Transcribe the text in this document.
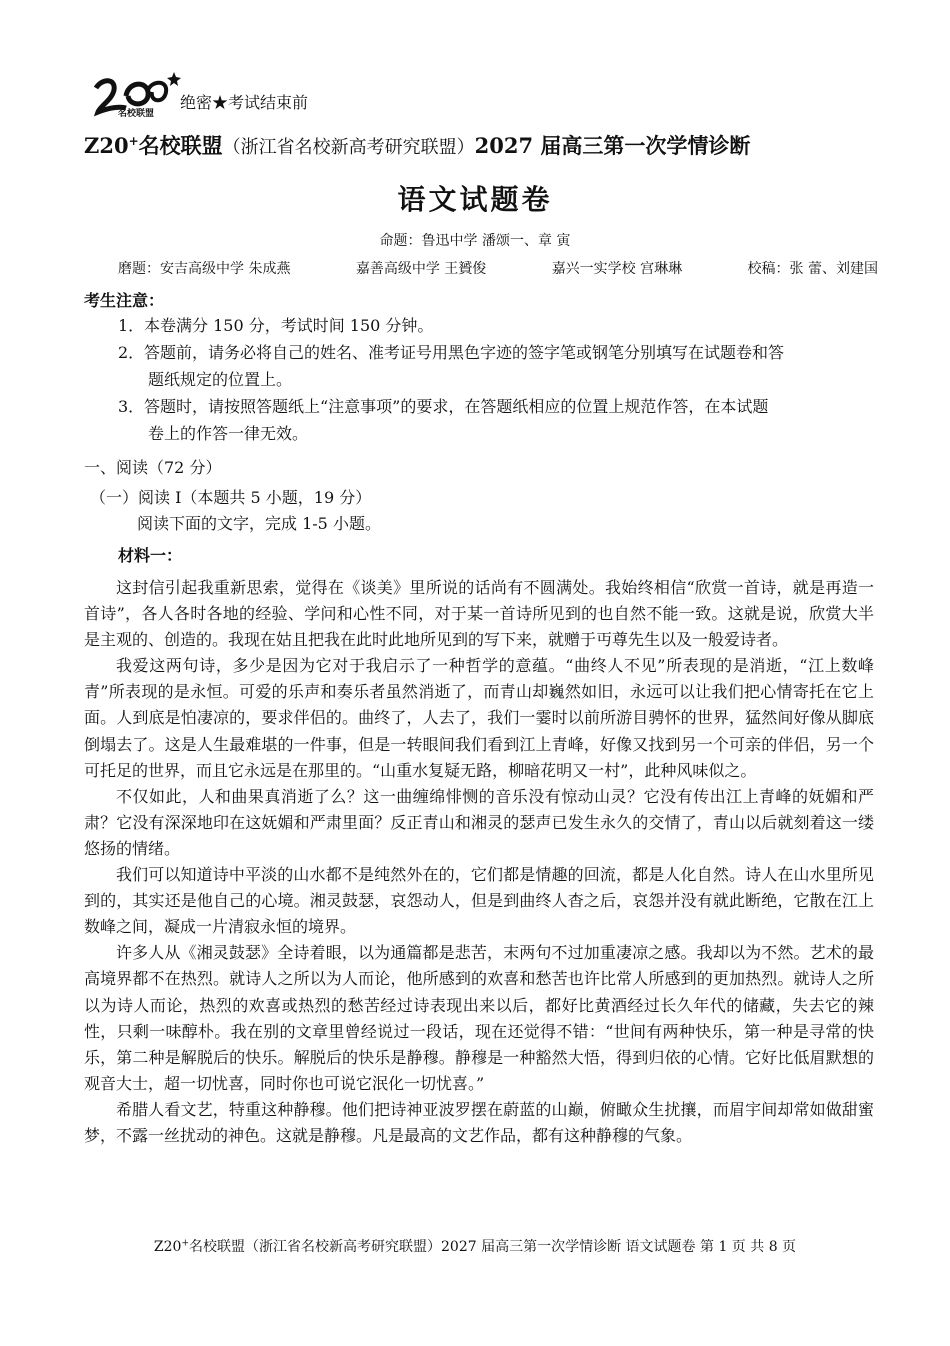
名校联盟
绝密★考试结束前
Z20+名校联盟（浙江省名校新高考研究联盟）2027 届高三第一次学情诊断
语文试题卷
命题：鲁迅中学 潘颂一、章 寅
磨题：安吉高级中学 朱成燕	嘉善高级中学 王贇俊	嘉兴一实学校 宫琳琳	校稿：张 蕾、刘建国
考生注意：
1．本卷满分 150 分，考试时间 150 分钟。
2．答题前，请务必将自己的姓名、准考证号用黑色字迹的签字笔或钢笔分别填写在试题卷和答
题纸规定的位置上。
3．答题时，请按照答题纸上“注意事项”的要求，在答题纸相应的位置上规范作答，在本试题
卷上的作答一律无效。
一、阅读（72 分）
（一）阅读 I（本题共 5 小题，19 分）
阅读下面的文字，完成 1-5 小题。
材料一：

这封信引起我重新思索，觉得在《谈美》里所说的话尚有不圆满处。我始终相信“欣赏一首诗，就是再造一首诗”，各人各时各地的经验、学问和心性不同，对于某一首诗所见到的也自然不能一致。这就是说，欣赏大半是主观的、创造的。我现在姑且把我在此时此地所见到的写下来，就赠于丏尊先生以及一般爱诗者。

我爱这两句诗，多少是因为它对于我启示了一种哲学的意蕴。“曲终人不见”所表现的是消逝，“江上数峰青”所表现的是永恒。可爱的乐声和奏乐者虽然消逝了，而青山却巍然如旧，永远可以让我们把心情寄托在它上面。人到底是怕凄凉的，要求伴侣的。曲终了，人去了，我们一霎时以前所游目骋怀的世界，猛然间好像从脚底倒塌去了。这是人生最难堪的一件事，但是一转眼间我们看到江上青峰，好像又找到另一个可亲的伴侣，另一个可托足的世界，而且它永远是在那里的。“山重水复疑无路，柳暗花明又一村”，此种风味似之。

不仅如此，人和曲果真消逝了么？这一曲缠绵悱恻的音乐没有惊动山灵？它没有传出江上青峰的妩媚和严肃？它没有深深地印在这妩媚和严肃里面？反正青山和湘灵的瑟声已发生永久的交情了，青山以后就刻着这一缕悠扬的情绪。

我们可以知道诗中平淡的山水都不是纯然外在的，它们都是情趣的回流，都是人化自然。诗人在山水里所见到的，其实还是他自己的心境。湘灵鼓瑟，哀怨动人，但是到曲终人杳之后，哀怨并没有就此断绝，它散在江上数峰之间，凝成一片清寂永恒的境界。

许多人从《湘灵鼓瑟》全诗着眼，以为通篇都是悲苦，末两句不过加重凄凉之感。我却以为不然。艺术的最高境界都不在热烈。就诗人之所以为人而论，他所感到的欢喜和愁苦也许比常人所感到的更加热烈。就诗人之所以为诗人而论，热烈的欢喜或热烈的愁苦经过诗表现出来以后，都好比黄酒经过长久年代的储藏，失去它的辣性，只剩一味醇朴。我在别的文章里曾经说过一段话，现在还觉得不错：“世间有两种快乐，第一种是寻常的快乐，第二种是解脱后的快乐。解脱后的快乐是静穆。静穆是一种豁然大悟，得到归依的心情。它好比低眉默想的观音大士，超一切忧喜，同时你也可说它泯化一切忧喜。”

希腊人看文艺，特重这种静穆。他们把诗神亚波罗摆在蔚蓝的山巅，俯瞰众生扰攘，而眉宇间却常如做甜蜜梦，不露一丝扰动的神色。这就是静穆。凡是最高的文艺作品，都有这种静穆的气象。

Z20+名校联盟（浙江省名校新高考研究联盟）2027 届高三第一次学情诊断 语文试题卷 第 1 页 共 8 页
